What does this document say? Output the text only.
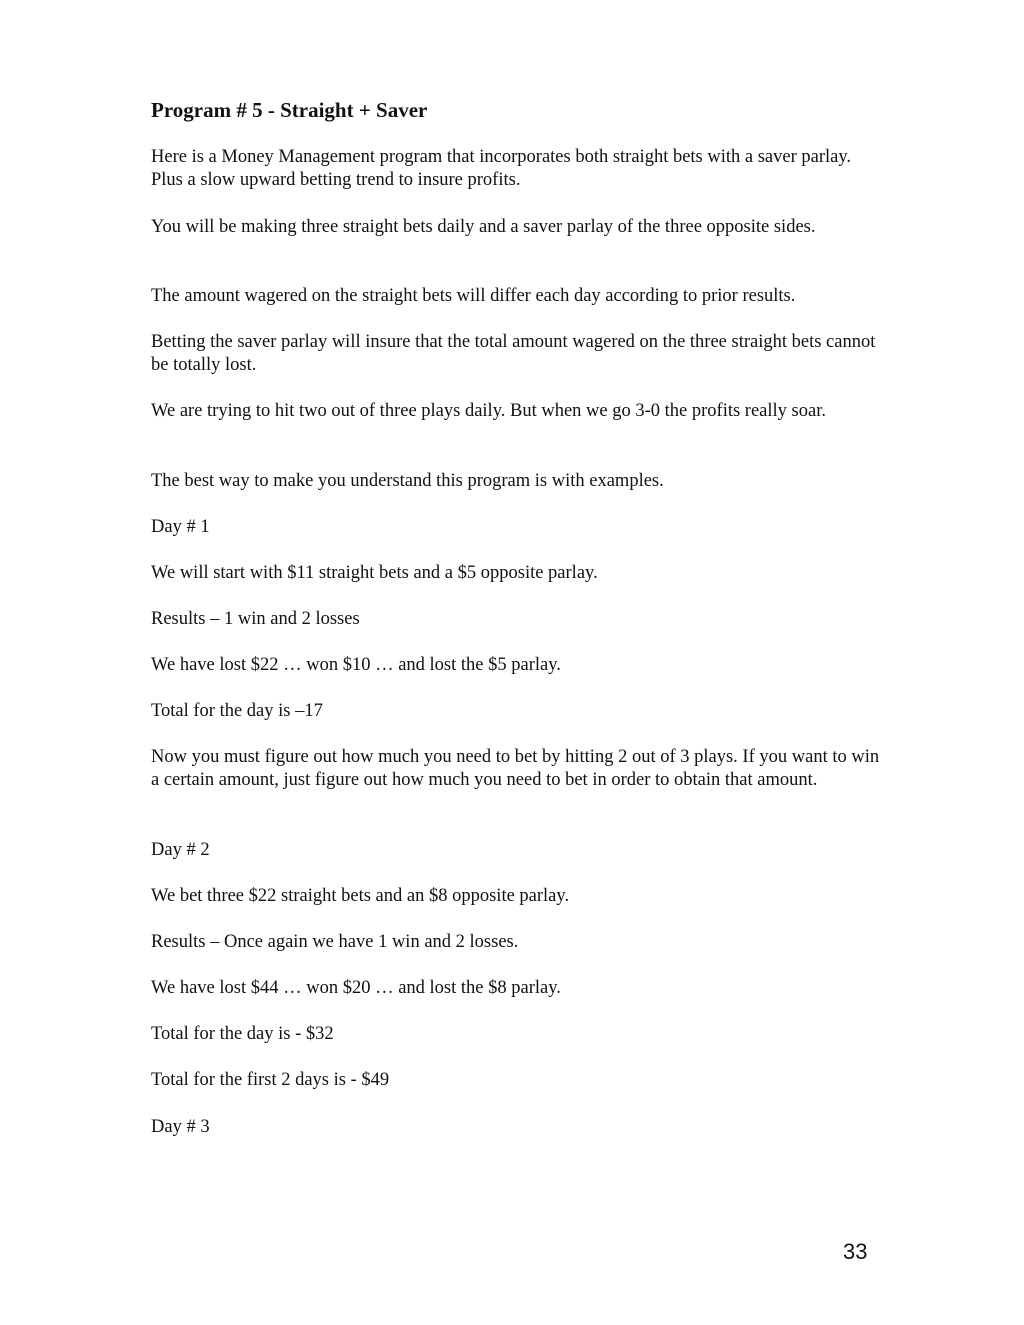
Program # 5 - Straight + Saver

Here is a Money Management program that incorporates both straight bets with a saver parlay. Plus a slow upward betting trend to insure profits.

You will be making three straight bets daily and a saver parlay of the three opposite sides.

The amount wagered on the straight bets will differ each day according to prior results.

Betting the saver parlay will insure that the total amount wagered on the three straight bets cannot be totally lost.

We are trying to hit two out of three plays daily. But when we go 3-0 the profits really soar.

The best way to make you understand this program is with examples.

Day # 1

We will start with $11 straight bets and a $5 opposite parlay.

Results – 1 win and 2 losses

We have lost $22 … won $10 … and lost the $5 parlay.

Total for the day is –17

Now you must figure out how much you need to bet by hitting 2 out of 3 plays. If you want to win a certain amount, just figure out how much you need to bet in order to obtain that amount.

Day # 2

We bet three $22 straight bets and an $8 opposite parlay.

Results – Once again we have 1 win and 2 losses.

We have lost $44 … won $20 … and lost the $8 parlay.

Total for the day is - $32

Total for the first 2 days is - $49

Day # 3

33
